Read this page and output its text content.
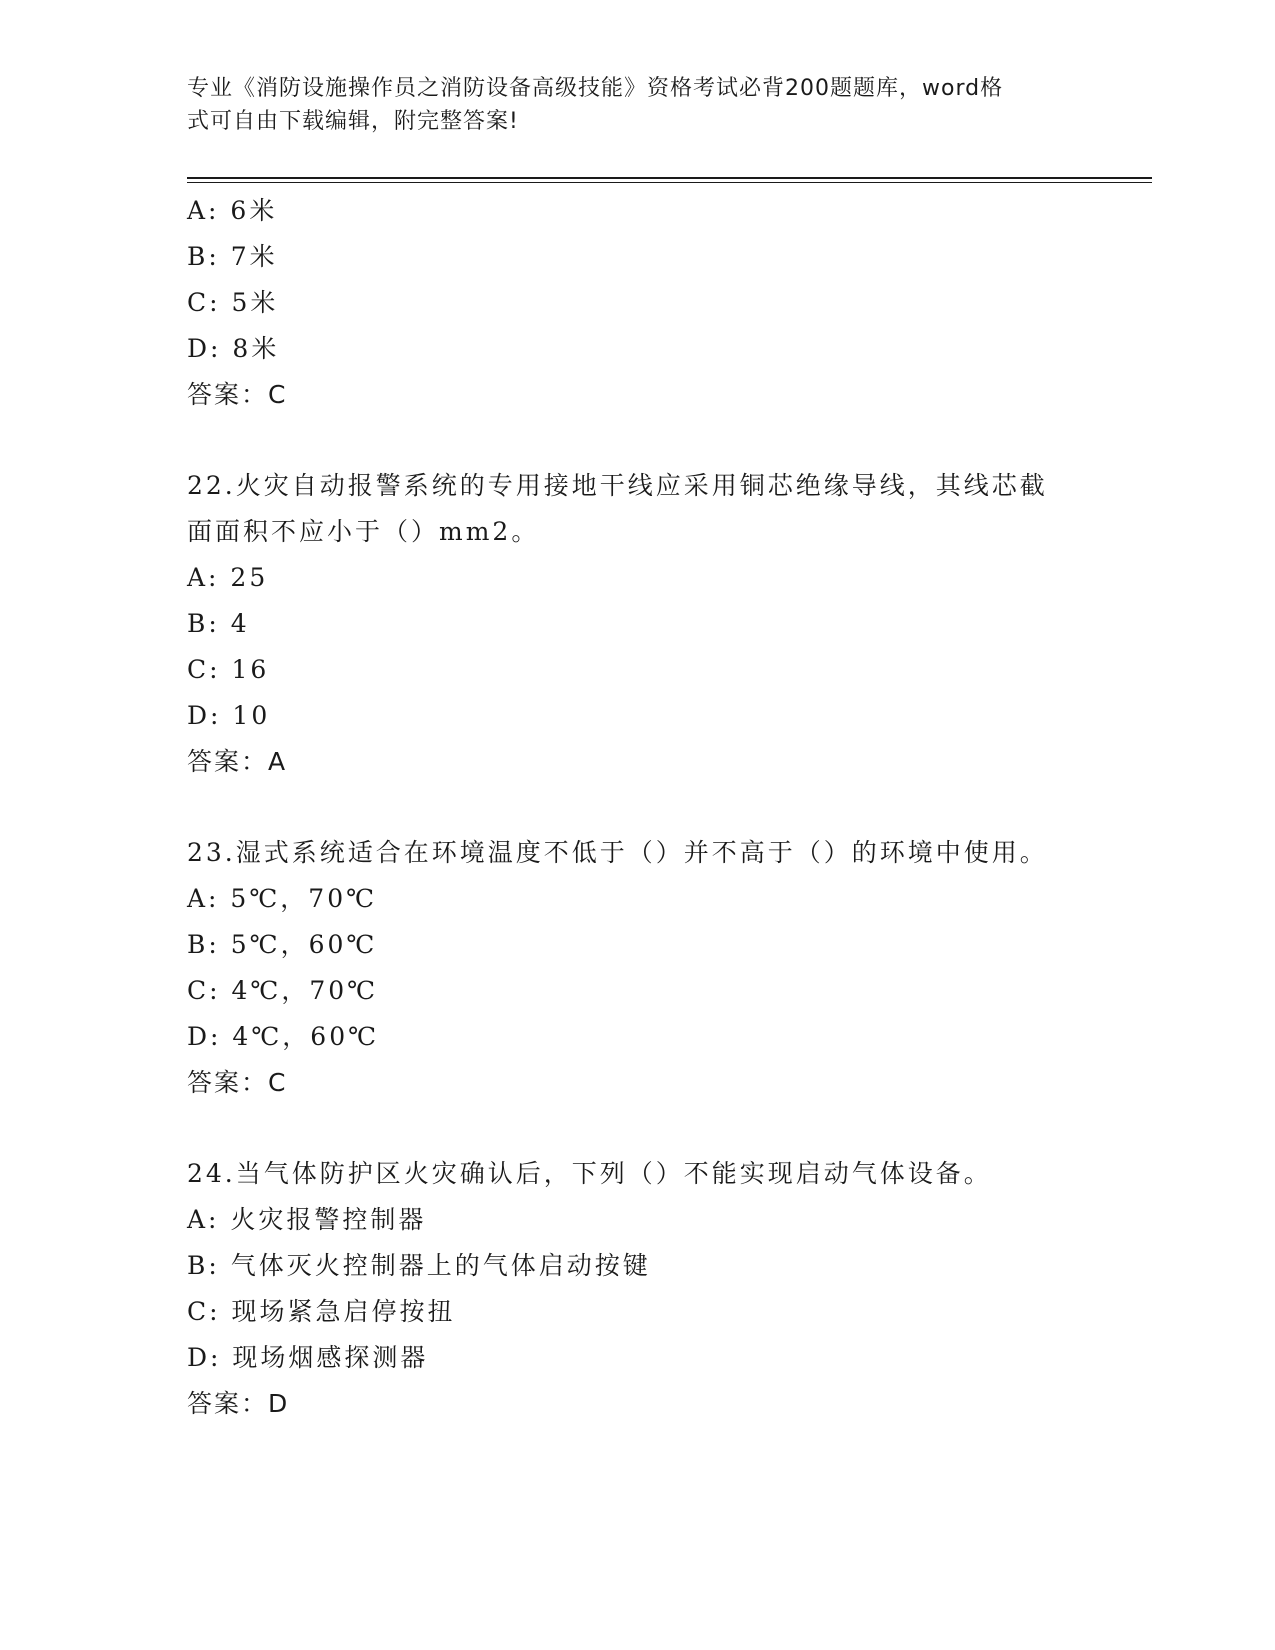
专业《消防设施操作员之消防设备高级技能》资格考试必背200题题库，word格
式可自由下载编辑，附完整答案!
A: 6米
B: 7米
C: 5米
D: 8米
答案：C
22.火灾自动报警系统的专用接地干线应采用铜芯绝缘导线，其线芯截
面面积不应小于（）mm2。
A: 25
B: 4
C: 16
D: 10
答案：A
23.湿式系统适合在环境温度不低于（）并不高于（）的环境中使用。
A: 5℃，70℃
B: 5℃，60℃
C: 4℃，70℃
D: 4℃，60℃
答案：C
24.当气体防护区火灾确认后，下列（）不能实现启动气体设备。
A: 火灾报警控制器
B: 气体灭火控制器上的气体启动按键
C: 现场紧急启停按扭
D: 现场烟感探测器
答案：D
